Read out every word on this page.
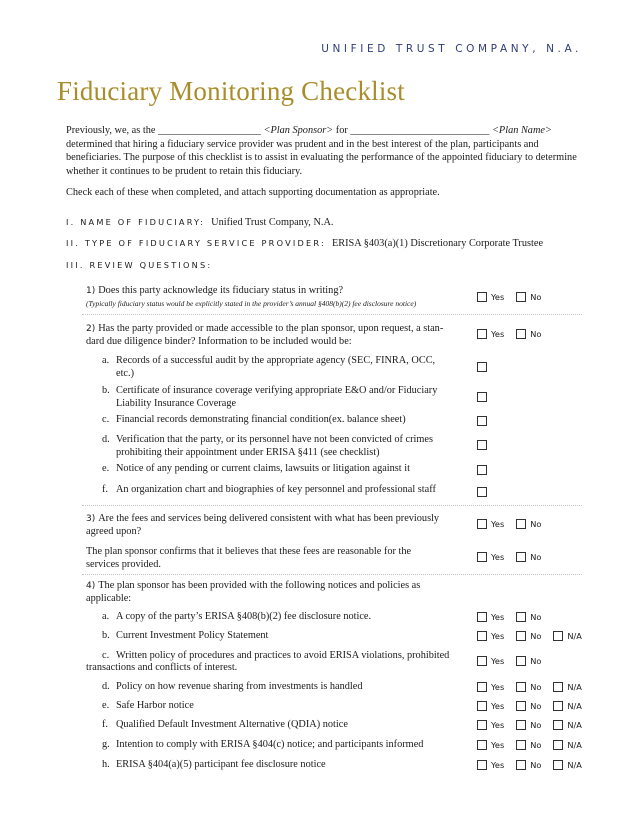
UNIFIED TRUST COMPANY, N.A.
Fiduciary Monitoring Checklist
Previously, we, as the ____________________ <Plan Sponsor> for ___________________________ <Plan Name>
determined that hiring a fiduciary service provider was prudent and in the best interest of the plan, participants and beneficiaries. The purpose of this checklist is to assist in evaluating the performance of the appointed fiduciary to determine whether it continues to be prudent to retain this fiduciary.
Check each of these when completed, and attach supporting documentation as appropriate.
I. NAME OF FIDUCIARY: Unified Trust Company, N.A.
II. TYPE OF FIDUCIARY SERVICE PROVIDER: ERISA §403(a)(1) Discretionary Corporate Trustee
III. REVIEW QUESTIONS:
1) Does this party acknowledge its fiduciary status in writing?
(Typically fiduciary status would be explicitly stated in the provider’s annual §408(b)(2) fee disclosure notice)
Yes	No
2) Has the party provided or made accessible to the plan sponsor, upon request, a stan-
dard due diligence binder? Information to be included would be:
Yes	No
a. Records of a successful audit by the appropriate agency (SEC, FINRA, OCC,
etc.)
b. Certificate of insurance coverage verifying appropriate E&O and/or Fiduciary
Liability Insurance Coverage
c. Financial records demonstrating financial condition(ex. balance sheet)
d. Verification that the party, or its personnel have not been convicted of crimes
prohibiting their appointment under ERISA §411 (see checklist)
e. Notice of any pending or current claims, lawsuits or litigation against it
f. An organization chart and biographies of key personnel and professional staff
3) Are the fees and services being delivered consistent with what has been previously
agreed upon?
Yes	No
The plan sponsor confirms that it believes that these fees are reasonable for the
services provided.
Yes	No
4) The plan sponsor has been provided with the following notices and policies as
applicable:
a. A copy of the party’s ERISA §408(b)(2) fee disclosure notice.	Yes	No
b. Current Investment Policy Statement	Yes	No	N/A
c. Written policy of procedures and practices to avoid ERISA violations, prohibited
transactions and conflicts of interest.
Yes	No
d. Policy on how revenue sharing from investments is handled	Yes	No	N/A
e. Safe Harbor notice	Yes	No	N/A
f. Qualified Default Investment Alternative (QDIA) notice	Yes	No	N/A
g. Intention to comply with ERISA §404(c) notice; and participants informed	Yes	No	N/A
h. ERISA §404(a)(5) participant fee disclosure notice	Yes	No	N/A
